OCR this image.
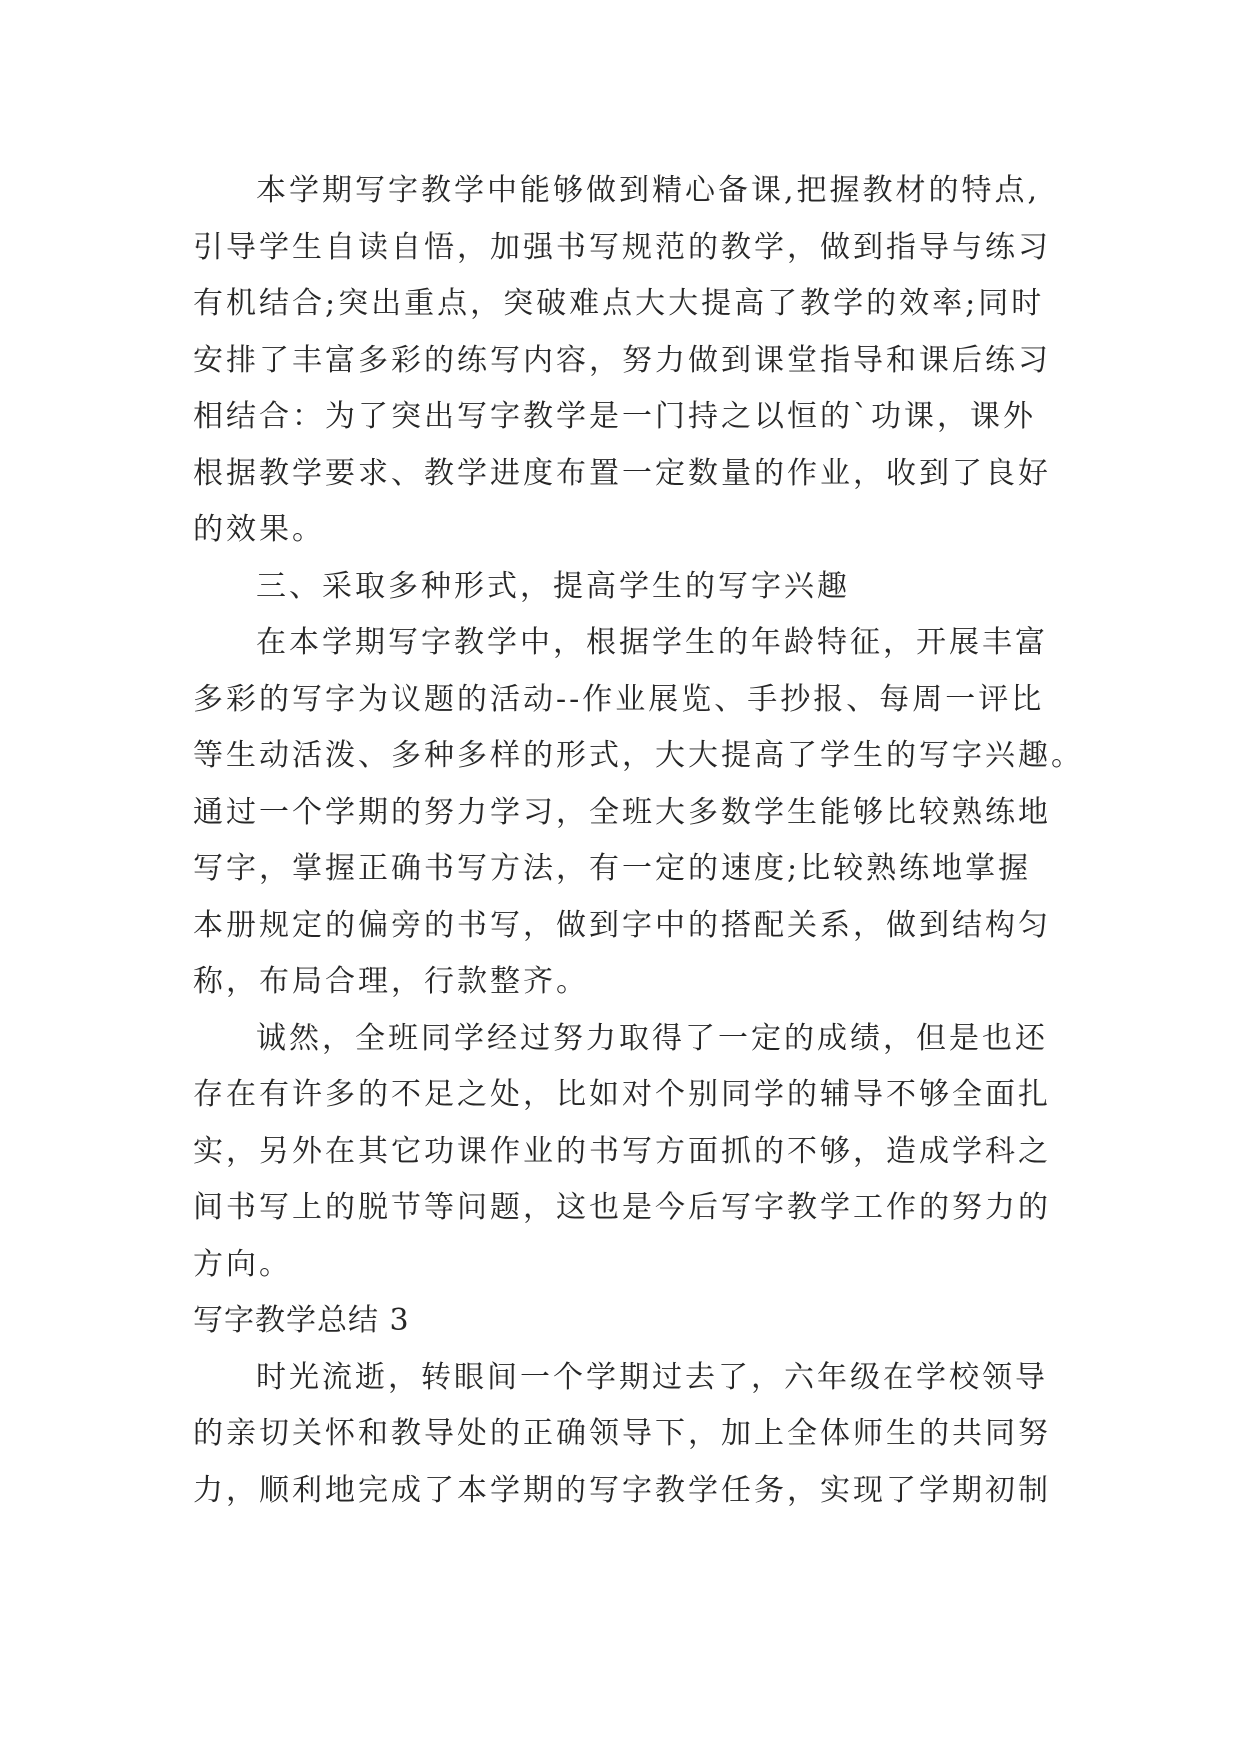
本学期写字教学中能够做到精心备课,把握教材的特点,
引导学生自读自悟，加强书写规范的教学，做到指导与练习
有机结合;突出重点，突破难点大大提高了教学的效率;同时
安排了丰富多彩的练写内容，努力做到课堂指导和课后练习
相结合：为了突出写字教学是一门持之以恒的`功课，课外
根据教学要求、教学进度布置一定数量的作业，收到了良好
的效果。
三、采取多种形式，提高学生的写字兴趣
在本学期写字教学中，根据学生的年龄特征，开展丰富
多彩的写字为议题的活动--作业展览、手抄报、每周一评比
等生动活泼、多种多样的形式，大大提高了学生的写字兴趣。
通过一个学期的努力学习，全班大多数学生能够比较熟练地
写字，掌握正确书写方法，有一定的速度;比较熟练地掌握
本册规定的偏旁的书写，做到字中的搭配关系，做到结构匀
称，布局合理，行款整齐。
诚然，全班同学经过努力取得了一定的成绩，但是也还
存在有许多的不足之处，比如对个别同学的辅导不够全面扎
实，另外在其它功课作业的书写方面抓的不够，造成学科之
间书写上的脱节等问题，这也是今后写字教学工作的努力的
方向。
写字教学总结 3
时光流逝，转眼间一个学期过去了，六年级在学校领导
的亲切关怀和教导处的正确领导下，加上全体师生的共同努
力，顺利地完成了本学期的写字教学任务，实现了学期初制
